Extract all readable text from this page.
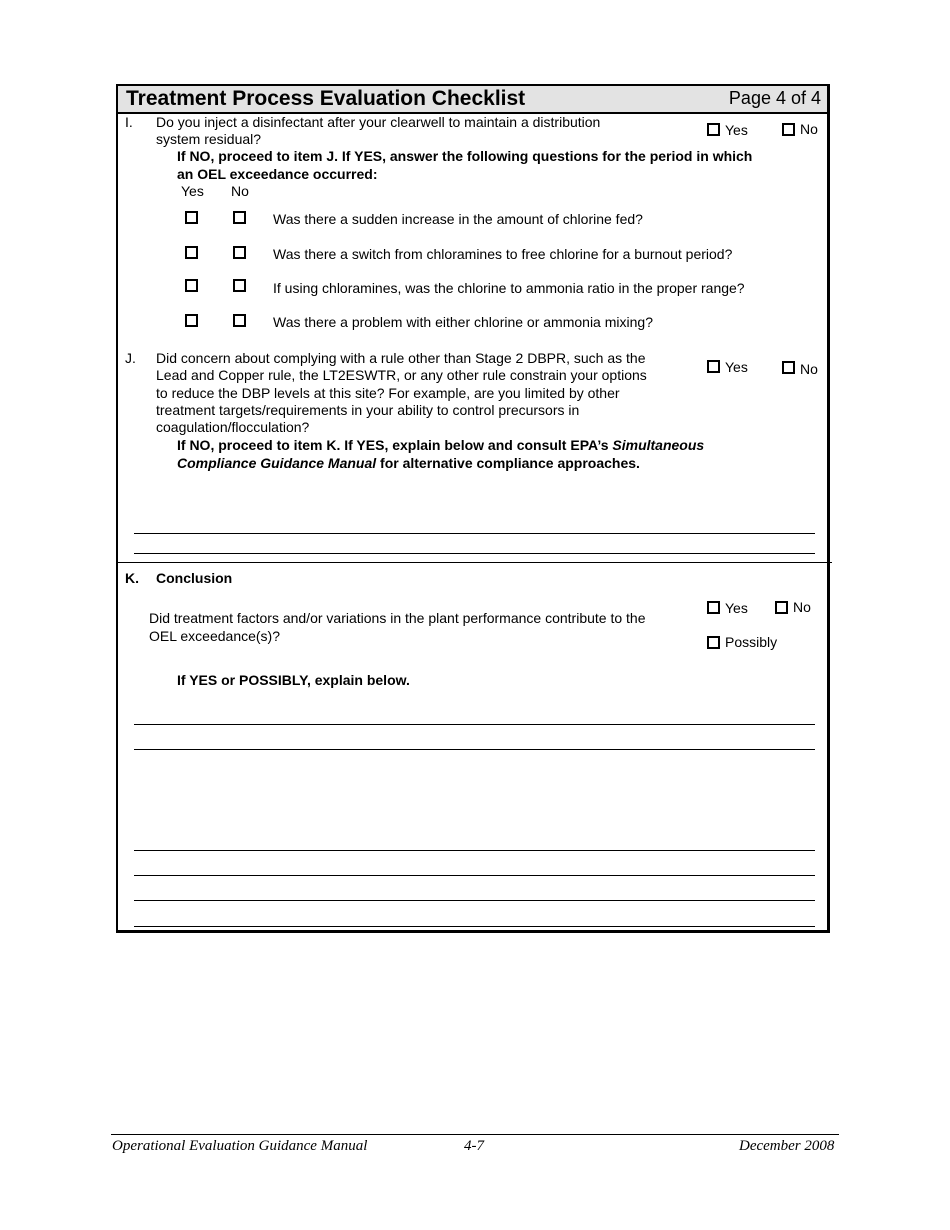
Treatment Process Evaluation Checklist	Page 4 of 4
I. Do you inject a disinfectant after your clearwell to maintain a distribution
system residual?
Yes	No
If NO, proceed to item J. If YES, answer the following questions for the period in which
an OEL exceedance occurred:
Yes No
Was there a sudden increase in the amount of chlorine fed?
Was there a switch from chloramines to free chlorine for a burnout period?
If using chloramines, was the chlorine to ammonia ratio in the proper range?
Was there a problem with either chlorine or ammonia mixing?
J. Did concern about complying with a rule other than Stage 2 DBPR, such as the
Lead and Copper rule, the LT2ESWTR, or any other rule constrain your options
to reduce the DBP levels at this site? For example, are you limited by other
treatment targets/requirements in your ability to control precursors in
coagulation/flocculation?
Yes	No
If NO, proceed to item K. If YES, explain below and consult EPA’s Simultaneous
Compliance Guidance Manual for alternative compliance approaches.
K. Conclusion
Did treatment factors and/or variations in the plant performance contribute to the
OEL exceedance(s)?
Yes	No
Possibly
If YES or POSSIBLY, explain below.
Operational Evaluation Guidance Manual	4-7	December 2008
